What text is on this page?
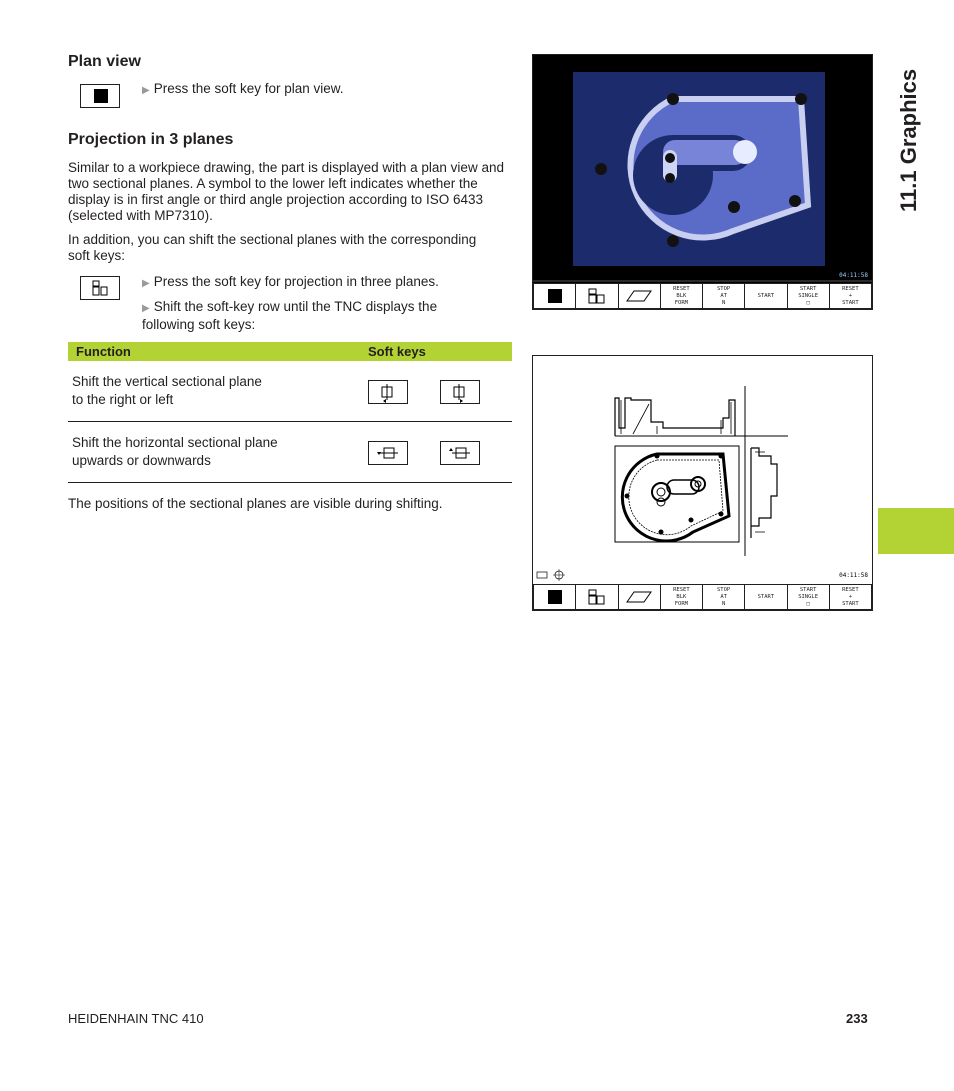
11.1 Graphics
Plan view
▶ Press the soft key for plan view.
Projection in 3 planes
Similar to a workpiece drawing, the part is displayed with a plan view and two sectional planes. A symbol to the lower left indicates whether the display is in first angle or third angle projection according to ISO 6433 (selected with MP7310).
In addition, you can shift the sectional planes with the corresponding soft keys:
▶ Press the soft key for projection in three planes.
▶ Shift the soft-key row until the TNC displays the following soft keys:
Function	Soft keys
Shift the vertical sectional plane
to the right or left
Shift the horizontal sectional plane
upwards or downwards
The positions of the sectional planes are visible during shifting.
04:11:58
RESET
BLK
FORM
STOP
AT
N
START
START
SINGLE
□
RESET
+
START
04:11:58
RESET
BLK
FORM
STOP
AT
N
START
START
SINGLE
□
RESET
+
START
HEIDENHAIN TNC 410	233
